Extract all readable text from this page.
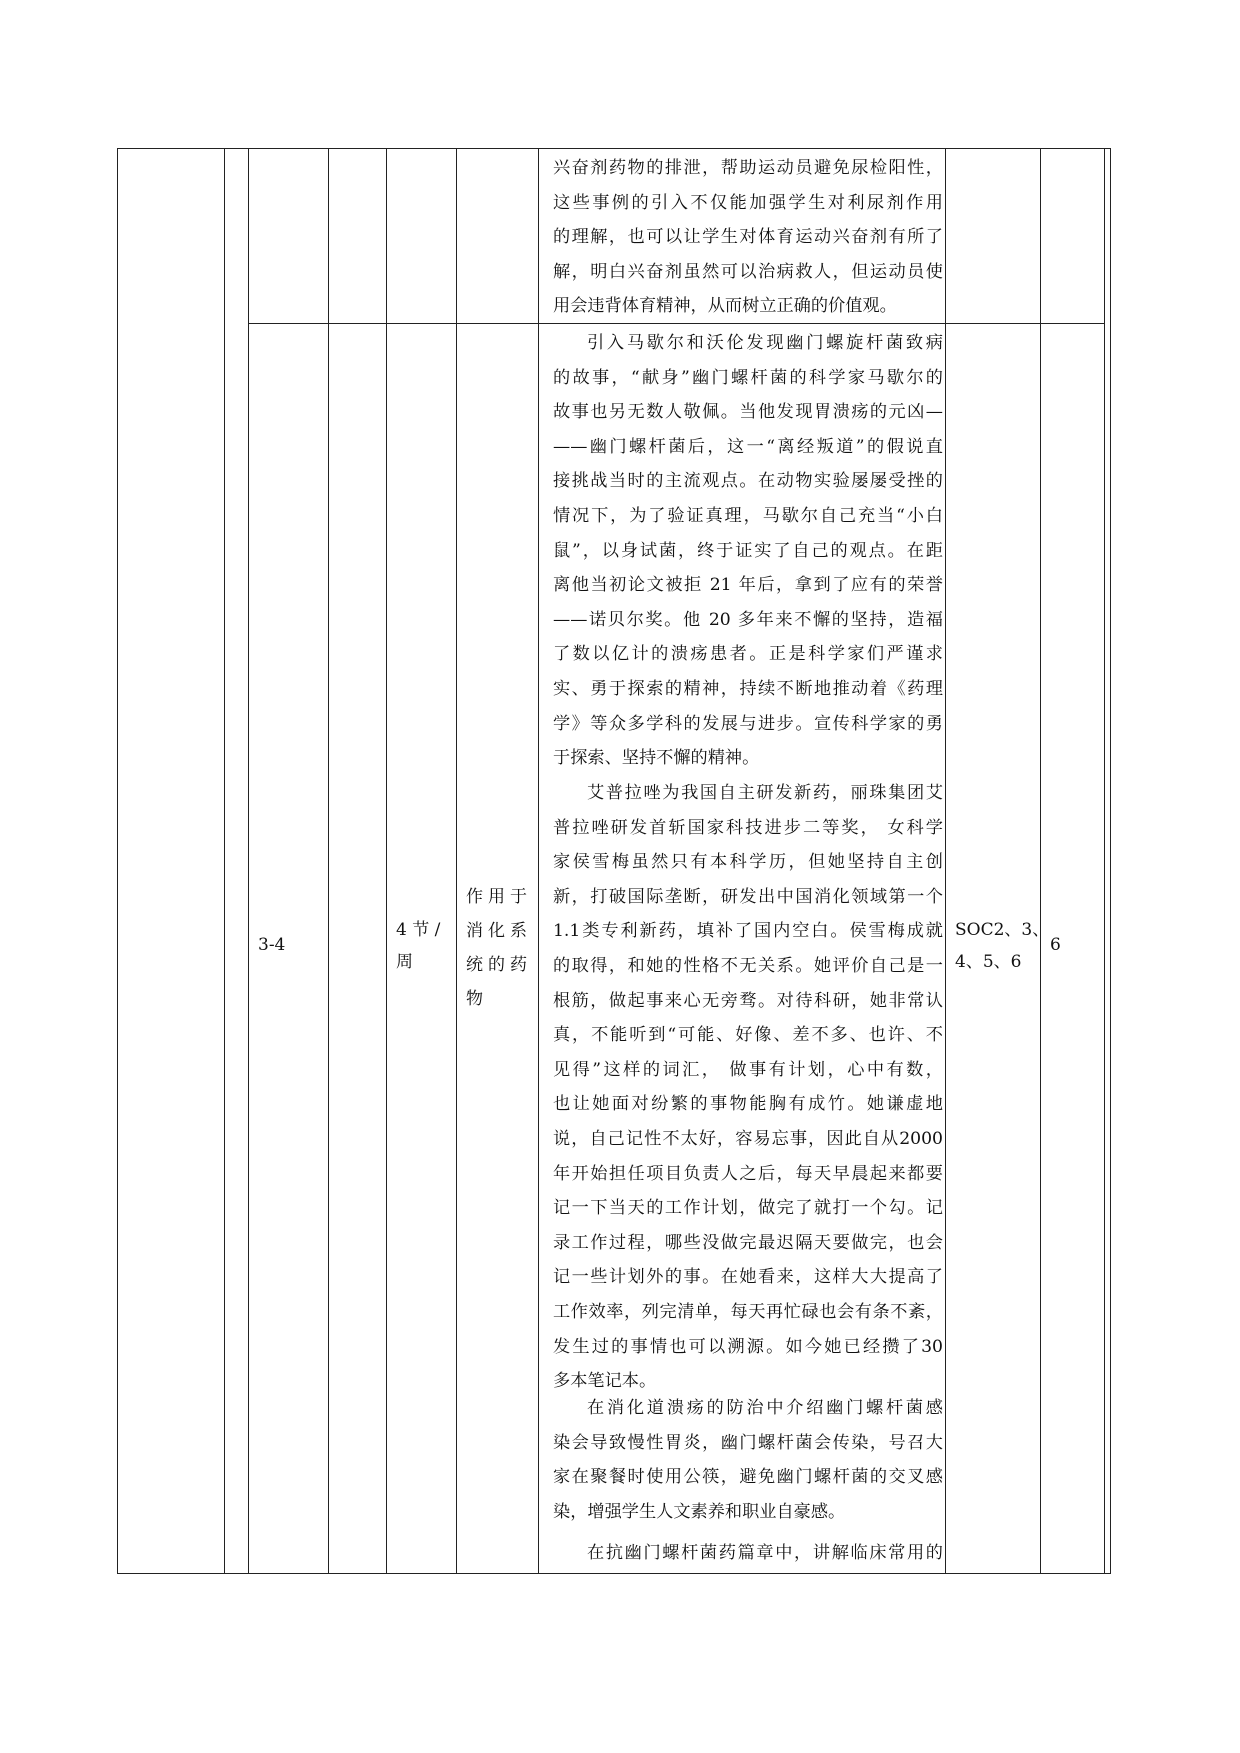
兴奋剂药物的排泄，帮助运动员避免尿检阳性，
这些事例的引入不仅能加强学生对利尿剂作用
的理解，也可以让学生对体育运动兴奋剂有所了
解，明白兴奋剂虽然可以治病救人，但运动员使
用会违背体育精神，从而树立正确的价值观。
3-4
4 节 /
周
作用于
消化系
统的药
物
引入马歇尔和沃伦发现幽门螺旋杆菌致病
的故事，“献身”幽门螺杆菌的科学家马歇尔的
故事也另无数人敬佩。当他发现胃溃疡的元凶—
——幽门螺杆菌后，这一“离经叛道”的假说直
接挑战当时的主流观点。在动物实验屡屡受挫的
情况下，为了验证真理，马歇尔自己充当“小白
鼠”，以身试菌，终于证实了自己的观点。在距
离他当初论文被拒 21 年后，拿到了应有的荣誉
——诺贝尔奖。他 20 多年来不懈的坚持，造福
了数以亿计的溃疡患者。正是科学家们严谨求
实、勇于探索的精神，持续不断地推动着《药理
学》等众多学科的发展与进步。宣传科学家的勇
于探索、坚持不懈的精神。
艾普拉唑为我国自主研发新药，丽珠集团艾
普拉唑研发首斩国家科技进步二等奖， 女科学
家侯雪梅虽然只有本科学历，但她坚持自主创
新，打破国际垄断，研发出中国消化领域第一个
1.1类专利新药，填补了国内空白。侯雪梅成就
的取得，和她的性格不无关系。她评价自己是一
根筋，做起事来心无旁骛。对待科研，她非常认
真，不能听到“可能、好像、差不多、也许、不
见得”这样的词汇， 做事有计划，心中有数，
也让她面对纷繁的事物能胸有成竹。她谦虚地
说，自己记性不太好，容易忘事，因此自从2000
年开始担任项目负责人之后，每天早晨起来都要
记一下当天的工作计划，做完了就打一个勾。记
录工作过程，哪些没做完最迟隔天要做完，也会
记一些计划外的事。在她看来，这样大大提高了
工作效率，列完清单，每天再忙碌也会有条不紊，
发生过的事情也可以溯源。如今她已经攒了30
多本笔记本。
在消化道溃疡的防治中介绍幽门螺杆菌感
染会导致慢性胃炎，幽门螺杆菌会传染，号召大
家在聚餐时使用公筷，避免幽门螺杆菌的交叉感
染，增强学生人文素养和职业自豪感。
在抗幽门螺杆菌药篇章中，讲解临床常用的
SOC2、3、
4、5、6
6
